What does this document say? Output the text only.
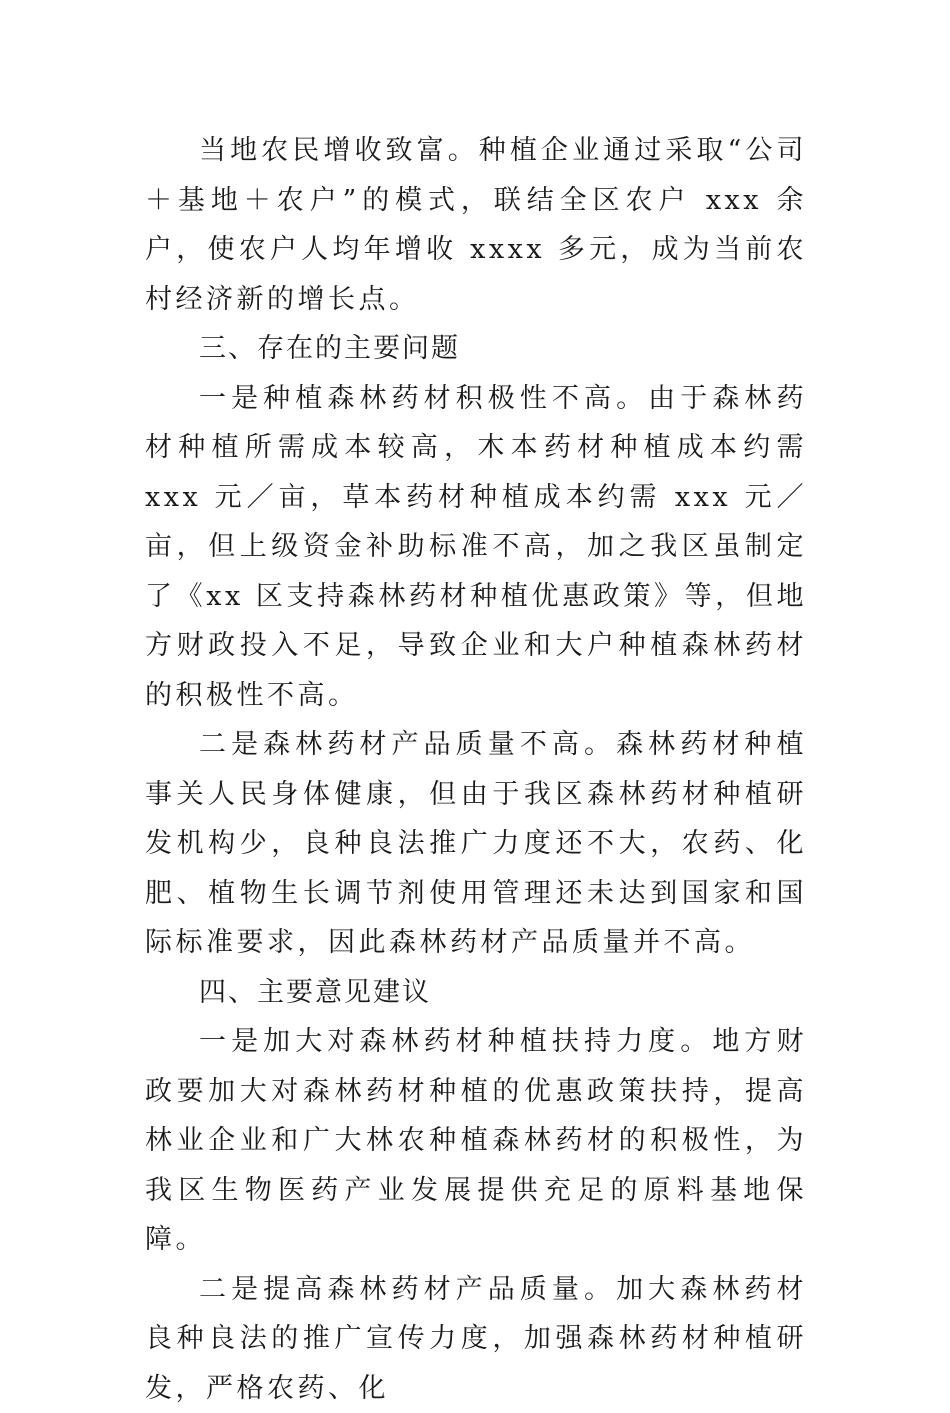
当地农民增收致富。种植企业通过采取“公司＋基地＋农户”的模式，联结全区农户 xxx 余户，使农户人均年增收 xxxx 多元，成为当前农村经济新的增长点。

三、存在的主要问题

一是种植森林药材积极性不高。由于森林药材种植所需成本较高，木本药材种植成本约需 xxx 元／亩，草本药材种植成本约需 xxx 元／亩，但上级资金补助标准不高，加之我区虽制定了《xx 区支持森林药材种植优惠政策》等，但地方财政投入不足，导致企业和大户种植森林药材的积极性不高。

二是森林药材产品质量不高。森林药材种植事关人民身体健康，但由于我区森林药材种植研发机构少，良种良法推广力度还不大，农药、化肥、植物生长调节剂使用管理还未达到国家和国际标准要求，因此森林药材产品质量并不高。

四、主要意见建议

一是加大对森林药材种植扶持力度。地方财政要加大对森林药材种植的优惠政策扶持，提高林业企业和广大林农种植森林药材的积极性，为我区生物医药产业发展提供充足的原料基地保障。

二是提高森林药材产品质量。加大森林药材良种良法的推广宣传力度，加强森林药材种植研发，严格农药、化
